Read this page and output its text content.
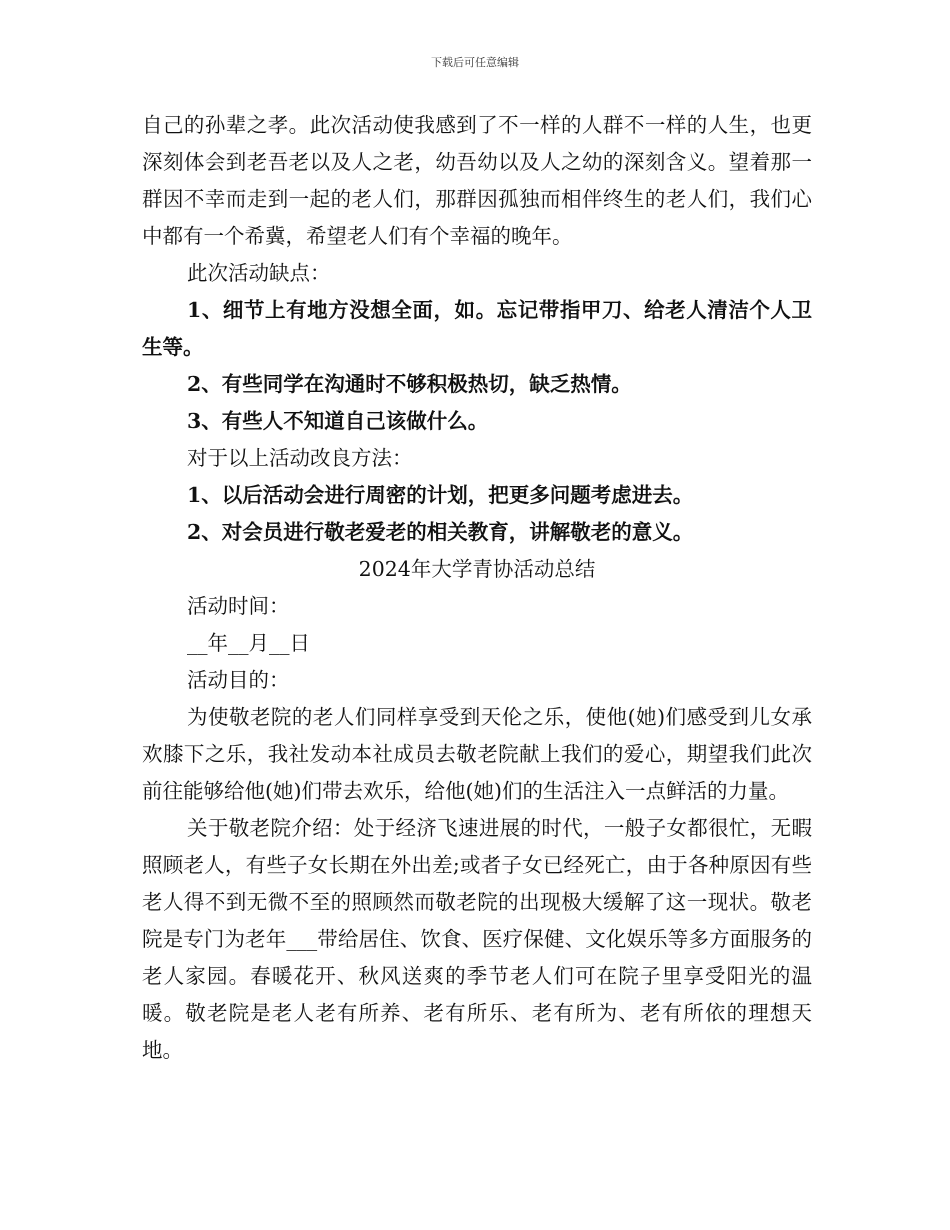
下载后可任意编辑

自己的孙辈之孝。此次活动使我感到了不一样的人群不一样的人生，也更深刻体会到老吾老以及人之老，幼吾幼以及人之幼的深刻含义。望着那一群因不幸而走到一起的老人们，那群因孤独而相伴终生的老人们，我们心中都有一个希冀，希望老人们有个幸福的晚年。

此次活动缺点：

1、细节上有地方没想全面，如。忘记带指甲刀、给老人清洁个人卫生等。

2、有些同学在沟通时不够积极热切，缺乏热情。

3、有些人不知道自己该做什么。

对于以上活动改良方法：

1、以后活动会进行周密的计划，把更多问题考虑进去。

2、对会员进行敬老爱老的相关教育，讲解敬老的意义。

2024年大学青协活动总结

活动时间：

__年__月__日

活动目的：

为使敬老院的老人们同样享受到天伦之乐，使他(她)们感受到儿女承欢膝下之乐，我社发动本社成员去敬老院献上我们的爱心，期望我们此次前往能够给他(她)们带去欢乐，给他(她)们的生活注入一点鲜活的力量。

关于敬老院介绍：处于经济飞速进展的时代，一般子女都很忙，无暇照顾老人，有些子女长期在外出差;或者子女已经死亡，由于各种原因有些老人得不到无微不至的照顾然而敬老院的出现极大缓解了这一现状。敬老院是专门为老年___带给居住、饮食、医疗保健、文化娱乐等多方面服务的老人家园。春暖花开、秋风送爽的季节老人们可在院子里享受阳光的温暖。敬老院是老人老有所养、老有所乐、老有所为、老有所依的理想天地。
